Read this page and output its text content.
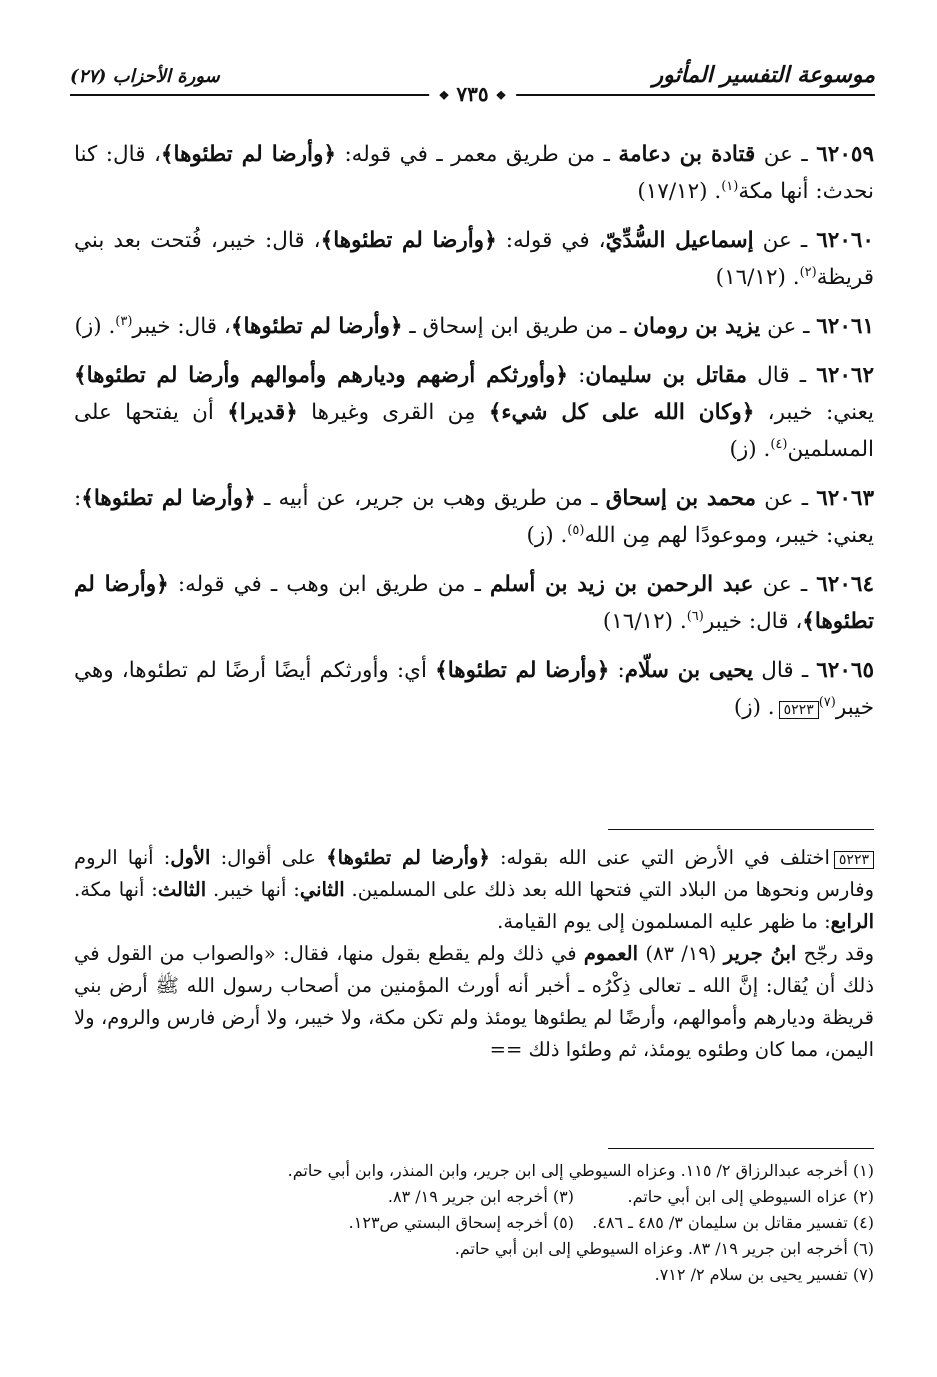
موسوعة التفسير المأثور
سورة الأحزاب (٢٧)
❖ ٧٣٥ ❖

٦٢٠٥٩ ـ عن قتادة بن دعامة ـ من طريق معمر ـ في قوله: ﴿وأرضا لم تطئوها﴾، قال: كنا نحدث: أنها مكة$^{(١)}$. (١٧/١٢)

٦٢٠٦٠ ـ عن إسماعيل السُّدِّيّ، في قوله: ﴿وأرضا لم تطئوها﴾، قال: خيبر، فُتحت بعد بني قريظة$^{(٢)}$. (١٦/١٢)

٦٢٠٦١ ـ عن يزيد بن رومان ـ من طريق ابن إسحاق ـ ﴿وأرضا لم تطئوها﴾، قال: خيبر$^{(٣)}$. (ز)

٦٢٠٦٢ ـ قال مقاتل بن سليمان: ﴿وأورثكم أرضهم وديارهم وأموالهم وأرضا لم تطئوها﴾ يعني: خيبر، ﴿وكان الله على كل شيء﴾ مِن القرى وغيرها ﴿قديرا﴾ أن يفتحها على المسلمين$^{(٤)}$. (ز)

٦٢٠٦٣ ـ عن محمد بن إسحاق ـ من طريق وهب بن جرير، عن أبيه ـ ﴿وأرضا لم تطئوها﴾: يعني: خيبر، وموعودًا لهم مِن الله$^{(٥)}$. (ز)

٦٢٠٦٤ ـ عن عبد الرحمن بن زيد بن أسلم ـ من طريق ابن وهب ـ في قوله: ﴿وأرضا لم تطئوها﴾، قال: خيبر$^{(٦)}$. (١٦/١٢)

٦٢٠٦٥ ـ قال يحيى بن سلّام: ﴿وأرضا لم تطئوها﴾ أي: وأورثكم أيضًا أرضًا لم تطئوها، وهي خيبر$^{(٧)}$٥٢٢٣. (ز)

٥٢٢٣اختلف في الأرض التي عنى الله بقوله: ﴿وأرضا لم تطئوها﴾ على أقوال: الأول: أنها الروم وفارس ونحوها من البلاد التي فتحها الله بعد ذلك على المسلمين. الثاني: أنها خيبر. الثالث: أنها مكة. الرابع: ما ظهر عليه المسلمون إلى يوم القيامة.

وقد رجّح ابنُ جرير (١٩/ ٨٣) العموم في ذلك ولم يقطع بقول منها، فقال: «والصواب من القول في ذلك أن يُقال: إنَّ الله ـ تعالى ذِكْرُه ـ أخبر أنه أورث المؤمنين من أصحاب رسول الله ﷺ أرض بني قريظة وديارهم وأموالهم، وأرضًا لم يطئوها يومئذ ولم تكن مكة، ولا خيبر، ولا أرض فارس والروم، ولا اليمن، مما كان وطئوه يومئذ، ثم وطئوا ذلك ==

(١) أخرجه عبدالرزاق ٢/ ١١٥. وعزاه السيوطي إلى ابن جرير، وابن المنذر، وابن أبي حاتم.
(٢) عزاه السيوطي إلى ابن أبي حاتم.
(٣) أخرجه ابن جرير ١٩/ ٨٣.
(٤) تفسير مقاتل بن سليمان ٣/ ٤٨٥ ـ ٤٨٦.
(٥) أخرجه إسحاق البستي ص١٢٣.
(٦) أخرجه ابن جرير ١٩/ ٨٣. وعزاه السيوطي إلى ابن أبي حاتم.
(٧) تفسير يحيى بن سلام ٢/ ٧١٢.
